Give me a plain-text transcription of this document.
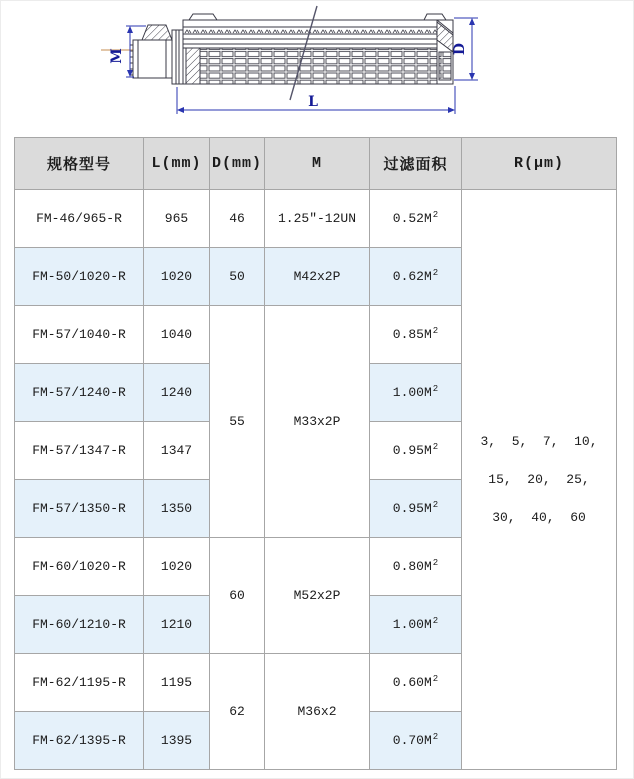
M	D
L
规格型号	L(mm)	D(mm)	M	过滤面积	R(μm)
FM-46/965-R	965	46	1.25"-12UN	$0.52M^2$	3,  5,  7,  10,
15,  20,  25,
30,  40,  60

FM-50/1020-R	1020	50	M42x2P	$0.62M^2$
FM-57/1040-R	1040	55	M33x2P	$0.85M^2$
FM-57/1240-R	1240			$1.00M^2$
FM-57/1347-R	1347			$0.95M^2$
FM-57/1350-R	1350			$0.95M^2$
FM-60/1020-R	1020	60	M52x2P	$0.80M^2$
FM-60/1210-R	1210			$1.00M^2$
FM-62/1195-R	1195	62	M36x2	$0.60M^2$
FM-62/1395-R	1395			$0.70M^2$
